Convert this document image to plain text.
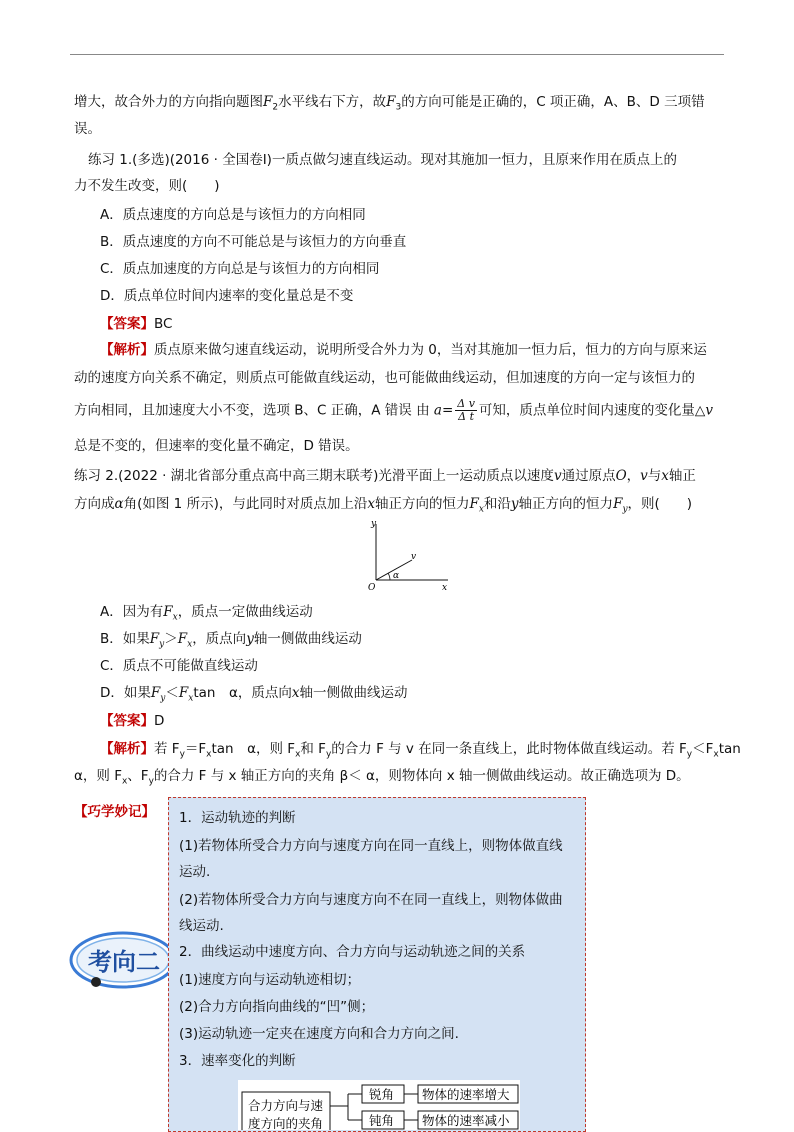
增大，故合外力的方向指向题图$F_2$水平线右下方，故$F_3$的方向可能是正确的，C 项正确，A、B、D 三项错
误。
练习 1.(多选)(2016 · 全国卷Ⅰ)一质点做匀速直线运动。现对其施加一恒力，且原来作用在质点上的
力不发生改变，则(　　)
A．质点速度的方向总是与该恒力的方向相同
B．质点速度的方向不可能总是与该恒力的方向垂直
C．质点加速度的方向总是与该恒力的方向相同
D．质点单位时间内速率的变化量总是不变
【答案】BC
【解析】质点原来做匀速直线运动，说明所受合外力为 0，当对其施加一恒力后，恒力的方向与原来运
动的速度方向关系不确定，则质点可能做直线运动，也可能做曲线运动，但加速度的方向一定与该恒力的
方向相同，且加速度大小不变，选项 B、C 正确，A 错误 由 $a= \frac{\text{Δ v}}{\text{Δ t}}$ 可知，质点单位时间内速度的变化量△v
总是不变的，但速率的变化量不确定，D 错误。
练习 2.(2022 · 湖北省部分重点高中高三期末联考)光滑平面上一运动质点以速度v通过原点O，v与x轴正
方向成α角(如图 1 所示)，与此同时对质点加上沿x轴正方向的恒力$F_x$和沿y轴正方向的恒力$F_y$，则(　　)
y
v
α
O	x
A．因为有$F_x$，质点一定做曲线运动
B．如果$F_y>F_x$，质点向y轴一侧做曲线运动
C．质点不可能做直线运动
D．如果$F_y<F_x\tan$　α，质点向x轴一侧做曲线运动
【答案】D
【解析】若 $F_y=F_x\tan$　α，则 $F_x$和 $F_y$的合力 F 与 v 在同一条直线上，此时物体做直线运动。若 $F_y<F_x\tan$
α，则 $F_x$、$F_y$的合力 F 与 x 轴正方向的夹角 β＜ α，则物体向 x 轴一侧做曲线运动。故正确选项为 D。
【巧学妙记】
考向二
1．运动轨迹的判断
(1)若物体所受合力方向与速度方向在同一直线上，则物体做直线
运动.
(2)若物体所受合力方向与速度方向不在同一直线上，则物体做曲
线运动.
2．曲线运动中速度方向、合力方向与运动轨迹之间的关系
(1)速度方向与运动轨迹相切；
(2)合力方向指向曲线的“凹”侧；
(3)运动轨迹一定夹在速度方向和合力方向之间.
3．速率变化的判断
合力方向与速
度方向的夹角
锐角
钝角
物体的速率增大
物体的速率减小
